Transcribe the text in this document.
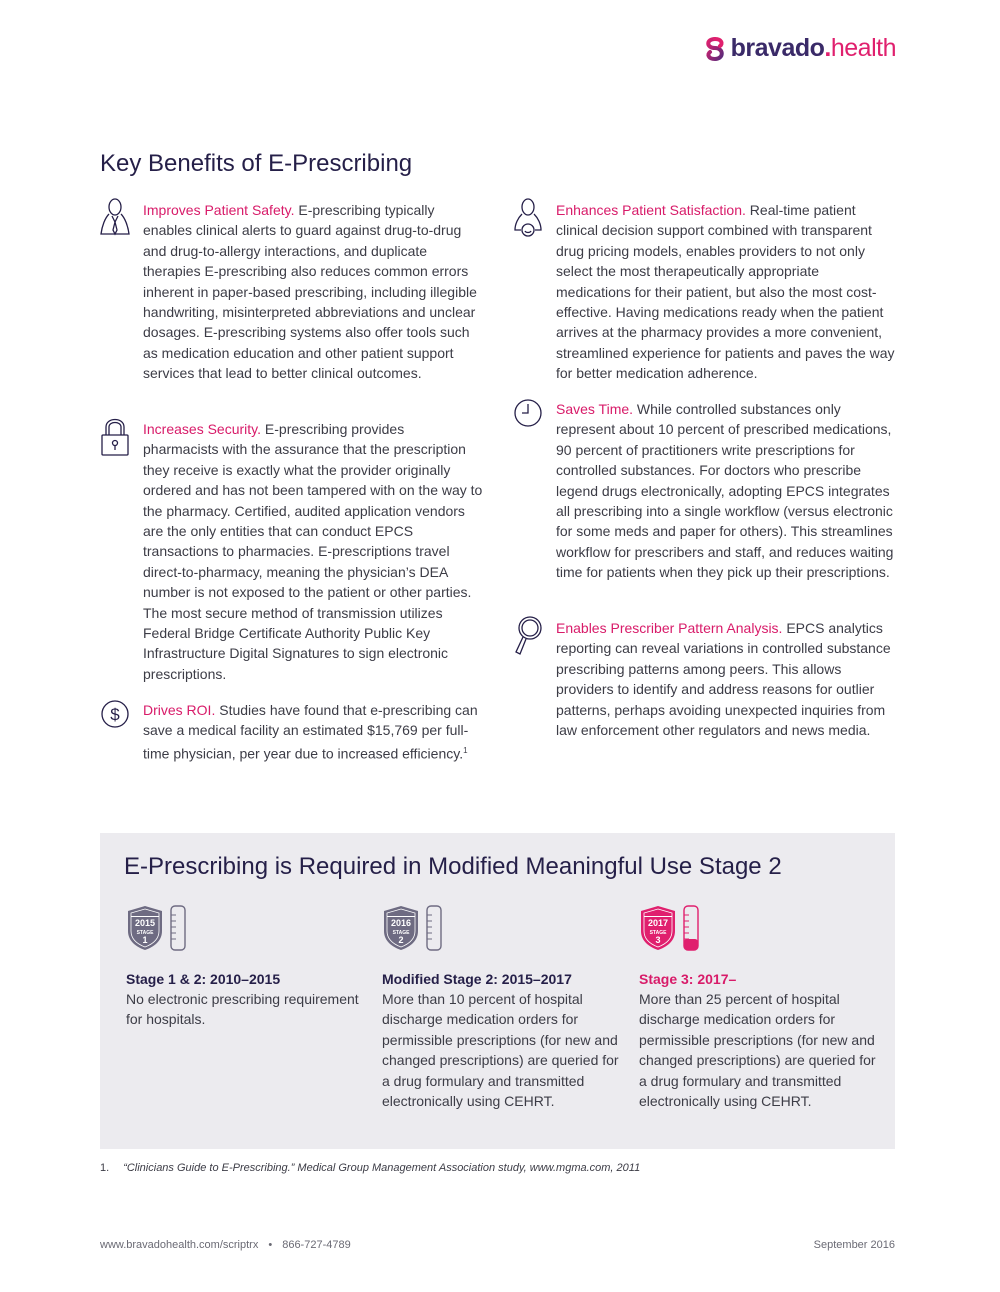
bravado.health
Key Benefits of E-Prescribing

Improves Patient Safety. E-prescribing typically enables clinical alerts to guard against drug-to-drug and drug-to-allergy interactions, and duplicate therapies E-prescribing also reduces common errors inherent in paper-based prescribing, including illegible handwriting, misinterpreted abbreviations and unclear dosages. E-prescribing systems also offer tools such as medication education and other patient support services that lead to better clinical outcomes.

Increases Security. E-prescribing provides pharmacists with the assurance that the prescription they receive is exactly what the provider originally ordered and has not been tampered with on the way to the pharmacy. Certified, audited application vendors are the only entities that can conduct EPCS transactions to pharmacies. E-prescriptions travel direct-to-pharmacy, meaning the physician’s DEA number is not exposed to the patient or other parties. The most secure method of transmission utilizes Federal Bridge Certificate Authority Public Key Infrastructure Digital Signatures to sign electronic prescriptions.

$ Drives ROI. Studies have found that e-prescribing can save a medical facility an estimated $15,769 per full-time physician, per year due to increased efficiency.$^1$

Enhances Patient Satisfaction. Real-time patient clinical decision support combined with transparent drug pricing models, enables providers to not only select the most therapeutically appropriate medications for their patient, but also the most cost-effective. Having medications ready when the patient arrives at the pharmacy provides a more convenient, streamlined experience for patients and paves the way for better medication adherence.

Saves Time. While controlled substances only represent about 10 percent of prescribed medications, 90 percent of practitioners write prescriptions for controlled substances. For doctors who prescribe legend drugs electronically, adopting EPCS integrates all prescribing into a single workflow (versus electronic for some meds and paper for others). This streamlines workflow for prescribers and staff, and reduces waiting time for patients when they pick up their prescriptions.

Enables Prescriber Pattern Analysis. EPCS analytics reporting can reveal variations in controlled substance prescribing patterns among peers. This allows providers to identify and address reasons for outlier patterns, perhaps avoiding unexpected inquiries from law enforcement other regulators and news media.

E-Prescribing is Required in Modified Meaningful Use Stage 2
2015
STAGE
1
Stage 1 & 2: 2010–2015
No electronic prescribing requirement for hospitals.
2016
STAGE
2
Modified Stage 2: 2015–2017
More than 10 percent of hospital discharge medication orders for permissible prescriptions (for new and changed prescriptions) are queried for a drug formulary and transmitted electronically using CEHRT.
2017
STAGE
3
Stage 3: 2017–
More than 25 percent of hospital discharge medication orders for permissible prescriptions (for new and changed prescriptions) are queried for a drug formulary and transmitted electronically using CEHRT.
1. “Clinicians Guide to E-Prescribing.” Medical Group Management Association study, www.mgma.com, 2011
www.bravadohealth.com/scriptrx • 866-727-4789	September 2016
